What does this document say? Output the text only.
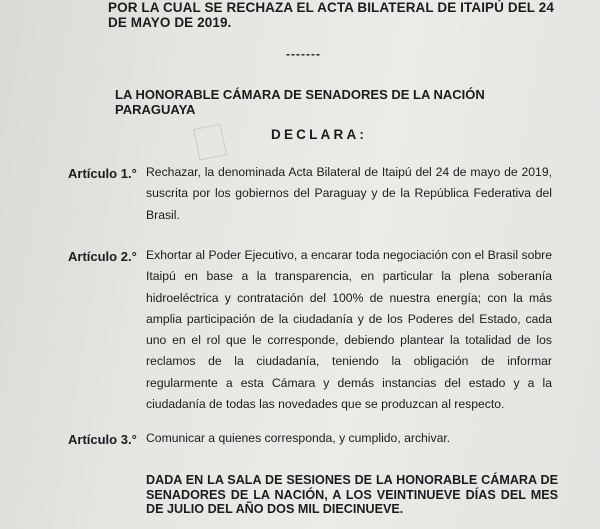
POR LA CUAL SE RECHAZA EL ACTA BILATERAL DE ITAIPÚ DEL 24 DE MAYO DE 2019.
-------
LA HONORABLE CÁMARA DE SENADORES DE LA NACIÓN PARAGUAYA
DECLARA:
Artículo 1.° Rechazar, la denominada Acta Bilateral de Itaipú del 24 de mayo de 2019, suscrita por los gobiernos del Paraguay y de la República Federativa del Brasil.
Artículo 2.° Exhortar al Poder Ejecutivo, a encarar toda negociación con el Brasil sobre Itaipú en base a la transparencia, en particular la plena soberanía hidroeléctrica y contratación del 100% de nuestra energía; con la más amplia participación de la ciudadanía y de los Poderes del Estado, cada uno en el rol que le corresponde, debiendo plantear la totalidad de los reclamos de la ciudadanía, teniendo la obligación de informar regularmente a esta Cámara y demás instancias del estado y a la ciudadanía de todas las novedades que se produzcan al respecto.
Artículo 3.° Comunicar a quienes corresponda, y cumplido, archivar.
DADA EN LA SALA DE SESIONES DE LA HONORABLE CÁMARA DE SENADORES DE LA NACIÓN, A LOS VEINTINUEVE DÍAS DEL MES DE JULIO DEL AÑO DOS MIL DIECINUEVE.
